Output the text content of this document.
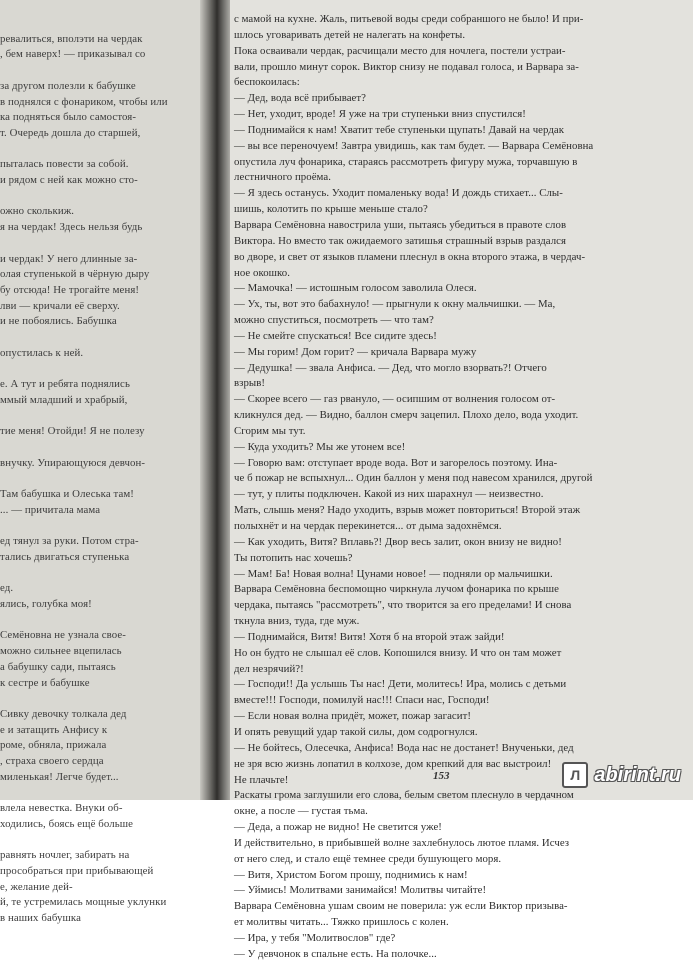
ревалиться, вполэти на чердак
, бем наверх! — приказывал со

за другом полезли к бабушке
в поднялся с фонариком, чтобы или
ка подняться было самостоя-
т. Очередь дошла до старшей,

пыталась повести за собой.
и рядом с ней как можно сто-

ожно сколькиж.
я на чердак! Здесь нельзя будь

и чердак! У него длинные за-
олая ступенькой в чёрную дыру
бу отсюда! Не трогайте меня!
лви — кричали её сверху.
и не побоялись. Бабушка

опустилась к ней.

е. А тут и ребята поднялись
ммый младший и храбрый,

тие меня! Отойди! Я не полезу

внучку. Упирающуюся девчон-

Там бабушка и Олеська там!
... — причитала мама

ед тянул за руки. Потом стра-
тались двигаться ступенька

ед.
ялись, голубка моя!

Семёновна не узнала свое-
можно сильнее вцепилась
а бабушку сади, пытаясь
к сестре и бабушке

Сивку девочку толкала дед
е и затащить Анфису к
роме, обняла, прижала
, страха своего сердца
миленькая! Легче будет...

влела невестка. Внуки об-
ходились, боясь ещё больше

равнять ночлег, забирать на
прособраться при прибывающей
е, желание дей-
й, те устремилась мощные уклунки
в наших бабушка
с мамой на кухне. Жаль, питьевой воды среди собраншого не было! И при-
шлось уговаривать детей не налегать на конфеты.
Пока осваивали чердак, расчищали место для ночлега, постели устраи-
вали, прошло минут сорок. Виктор снизу не подавал голоса, и Варвара за-
беспокоилась:
— Дед, вода всё прибывает?
— Нет, уходит, вроде! Я уже на три ступеньки вниз спустился!
— Поднимайся к нам! Хватит тебе ступеньки щупать! Давай на чердак
— вы все переночуем! Завтра увидишь, как там будет. — Варвара Семёновна
опустила луч фонарика, стараясь рассмотреть фигуру мужа, торчавшую в
лестничного проёма.
— Я здесь останусь. Уходит помаленьку вода! И дождь стихает... Слы-
шишь, колотить по крыше меньше стало?
Варвара Семёновна навострила уши, пытаясь убедиться в правоте слов
Виктора. Но вместо так ожидаемого затишья страшный взрыв раздался
во дворе, и свет от языков пламени плеснул в окна второго этажа, в чердач-
ное окошко.
— Мамочка! — истошным голосом заволила Олеся.
— Ух, ты, вот это бабахнуло! — прыгнули к окну мальчишки. — Ма,
можно спуститься, посмотреть — что там?
— Не смейте спускаться! Все сидите здесь!
— Мы горим! Дом горит? — кричала Варвара мужу
— Дедушка! — звала Анфиса. — Дед, что могло взорвать?! Отчего
взрыв!
— Скорее всего — газ рвануло, — осипшим от волнения голосом от-
кликнулся дед. — Видно, баллон смерч зацепил. Плохо дело, вода уходит.
Сгорим мы тут.
— Куда уходить? Мы же утонем все!
— Говорю вам: отступает вроде вода. Вот и загорелось поэтому. Ина-
че б пожар не вспыхнул... Один баллон у меня под навесом хранился, другой
— тут, у плиты подключен. Какой из них шарахнул — неизвестно.
Мать, слышь меня? Надо уходить, взрыв может повториться! Второй этаж
полыхнёт и на чердак перекинется... от дыма задохнёмся.
— Как уходить, Витя? Вплавь?! Двор весь залит, окон внизу не видно!
Ты потопить нас хочешь?
— Мам! Ба! Новая волна! Цунами новое! — подняли ор мальчишки.
Варвара Семёновна беспомощно чиркнула лучом фонарика по крыше
чердака, пытаясь "рассмотреть", что творится за его пределами! И снова
ткнула вниз, туда, где муж.
— Поднимайся, Витя! Витя! Хотя б на второй этаж зайди!
Но он будто не слышал её слов. Копошился внизу. И что он там может
дел незрячий?!
— Господи!! Да услышь Ты нас! Дети, молитесь! Ира, молись с детьми
вместе!!! Господи, помилуй нас!!! Спаси нас, Господи!
— Если новая волна придёт, может, пожар загасит!
И опять ревущий удар такой силы, дом содрогнулся.
— Не бойтесь, Олесечка, Анфиса! Вода нас не достанет! Внученьки, дед
не зря всю жизнь лопатил в колхозе, дом крепкий для вас выстроил!
Не плачьте!
Раскаты грома заглушили его слова, белым светом плеснуло в чердачном
окне, а после — густая тьма.
— Деда, а пожар не видно! Не светится уже!
И действительно, в прибывшей волне захлебнулось лютое пламя. Исчез
от него след, и стало ещё темнее среди бушующего моря.
— Витя, Христом Богом прошу, поднимись к нам!
— Уймись! Молитвами занимайся! Молитвы читайте!
Варвара Семёновна ушам своим не поверила: уж если Виктор призыва-
ет молитвы читать... Тяжко пришлось с колен.
— Ира, у тебя "Молитвослов" где?
— У девчонок в спальне есть. На полочке...
153	Л abirint.ru
